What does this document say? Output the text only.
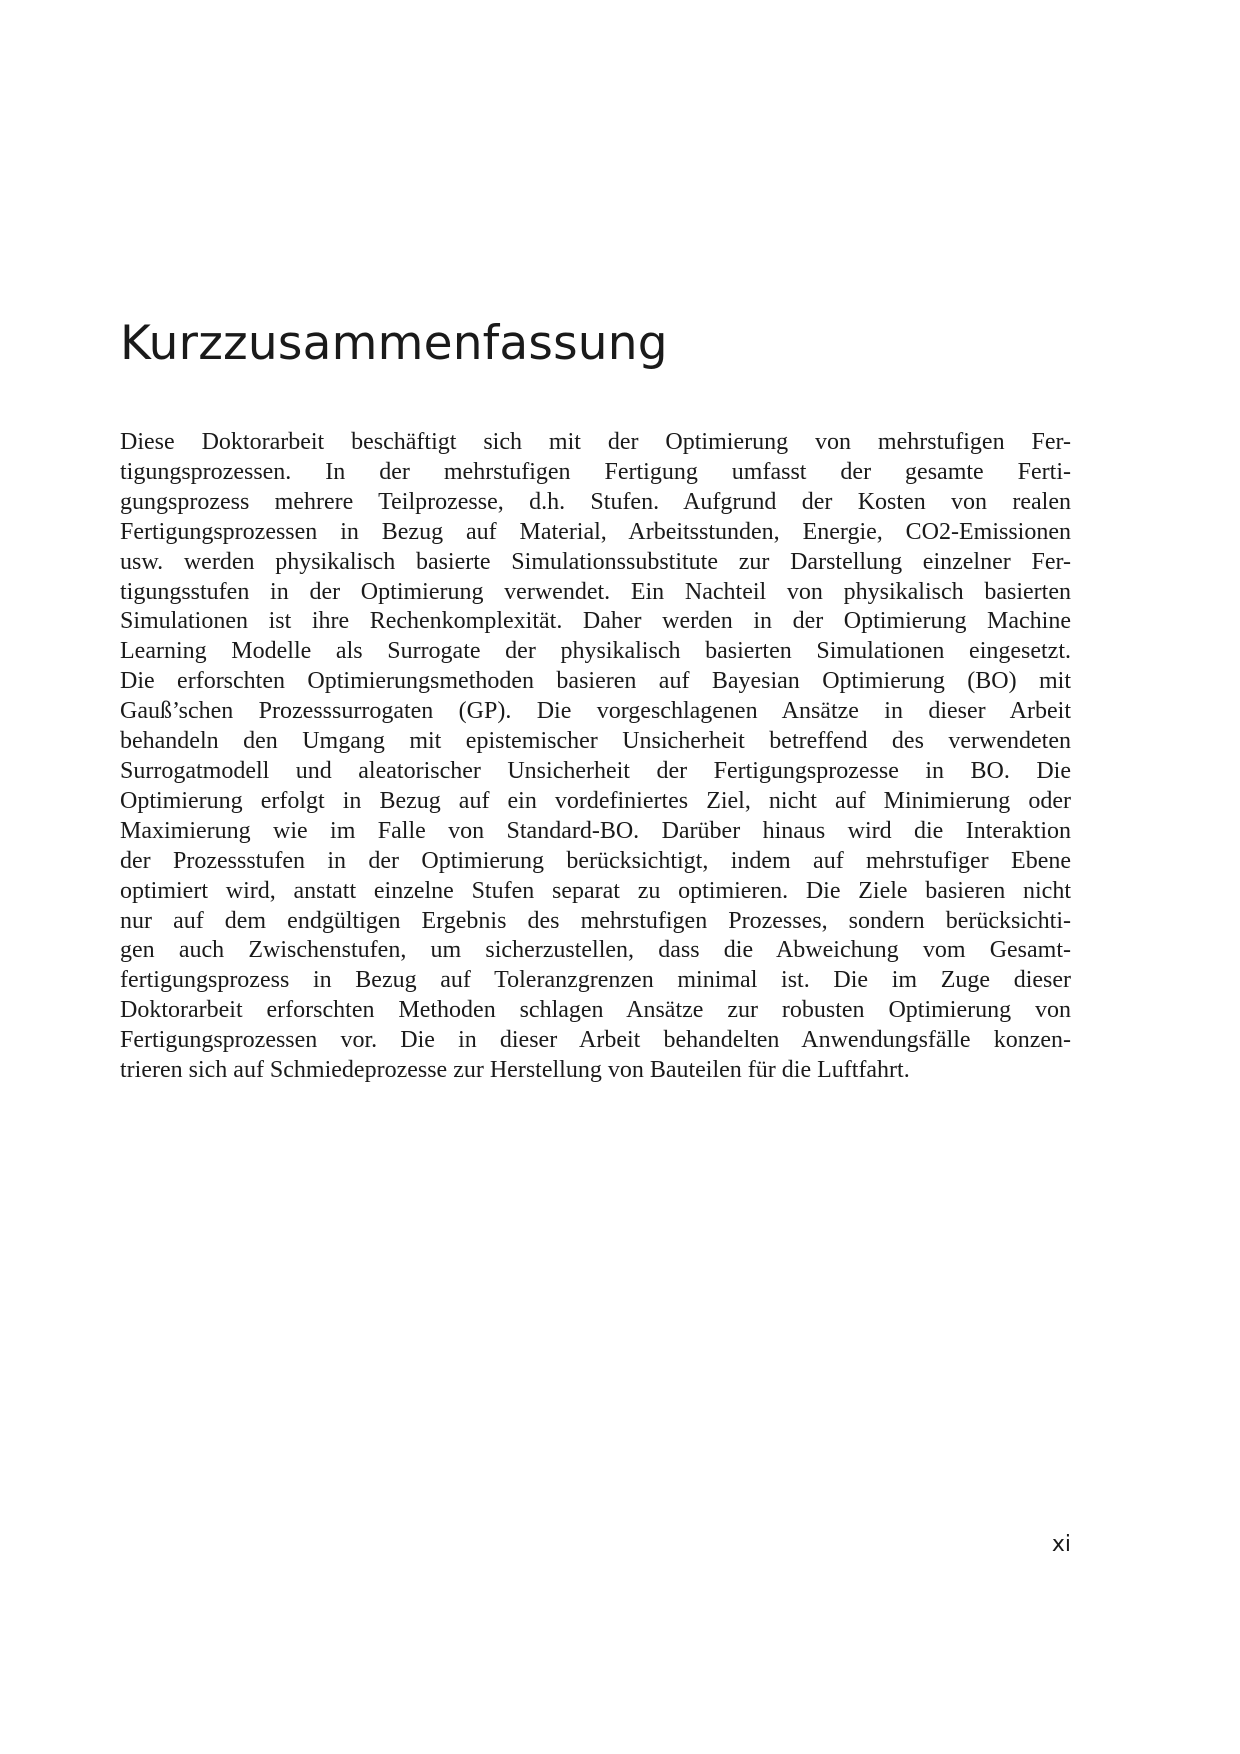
Kurzzusammenfassung

Diese Doktorarbeit beschäftigt sich mit der Optimierung von mehrstufigen Fer-
tigungsprozessen. In der mehrstufigen Fertigung umfasst der gesamte Ferti-
gungsprozess mehrere Teilprozesse, d.h. Stufen. Aufgrund der Kosten von realen
Fertigungsprozessen in Bezug auf Material, Arbeitsstunden, Energie, CO2-Emissionen
usw. werden physikalisch basierte Simulationssubstitute zur Darstellung einzelner Fer-
tigungsstufen in der Optimierung verwendet. Ein Nachteil von physikalisch basierten
Simulationen ist ihre Rechenkomplexität. Daher werden in der Optimierung Machine
Learning Modelle als Surrogate der physikalisch basierten Simulationen eingesetzt.
Die erforschten Optimierungsmethoden basieren auf Bayesian Optimierung (BO) mit
Gauß’schen Prozesssurrogaten (GP). Die vorgeschlagenen Ansätze in dieser Arbeit
behandeln den Umgang mit epistemischer Unsicherheit betreffend des verwendeten
Surrogatmodell und aleatorischer Unsicherheit der Fertigungsprozesse in BO. Die
Optimierung erfolgt in Bezug auf ein vordefiniertes Ziel, nicht auf Minimierung oder
Maximierung wie im Falle von Standard-BO. Darüber hinaus wird die Interaktion
der Prozessstufen in der Optimierung berücksichtigt, indem auf mehrstufiger Ebene
optimiert wird, anstatt einzelne Stufen separat zu optimieren. Die Ziele basieren nicht
nur auf dem endgültigen Ergebnis des mehrstufigen Prozesses, sondern berücksichti-
gen auch Zwischenstufen, um sicherzustellen, dass die Abweichung vom Gesamt-
fertigungsprozess in Bezug auf Toleranzgrenzen minimal ist. Die im Zuge dieser
Doktorarbeit erforschten Methoden schlagen Ansätze zur robusten Optimierung von
Fertigungsprozessen vor. Die in dieser Arbeit behandelten Anwendungsfälle konzen-
trieren sich auf Schmiedeprozesse zur Herstellung von Bauteilen für die Luftfahrt.

xi
